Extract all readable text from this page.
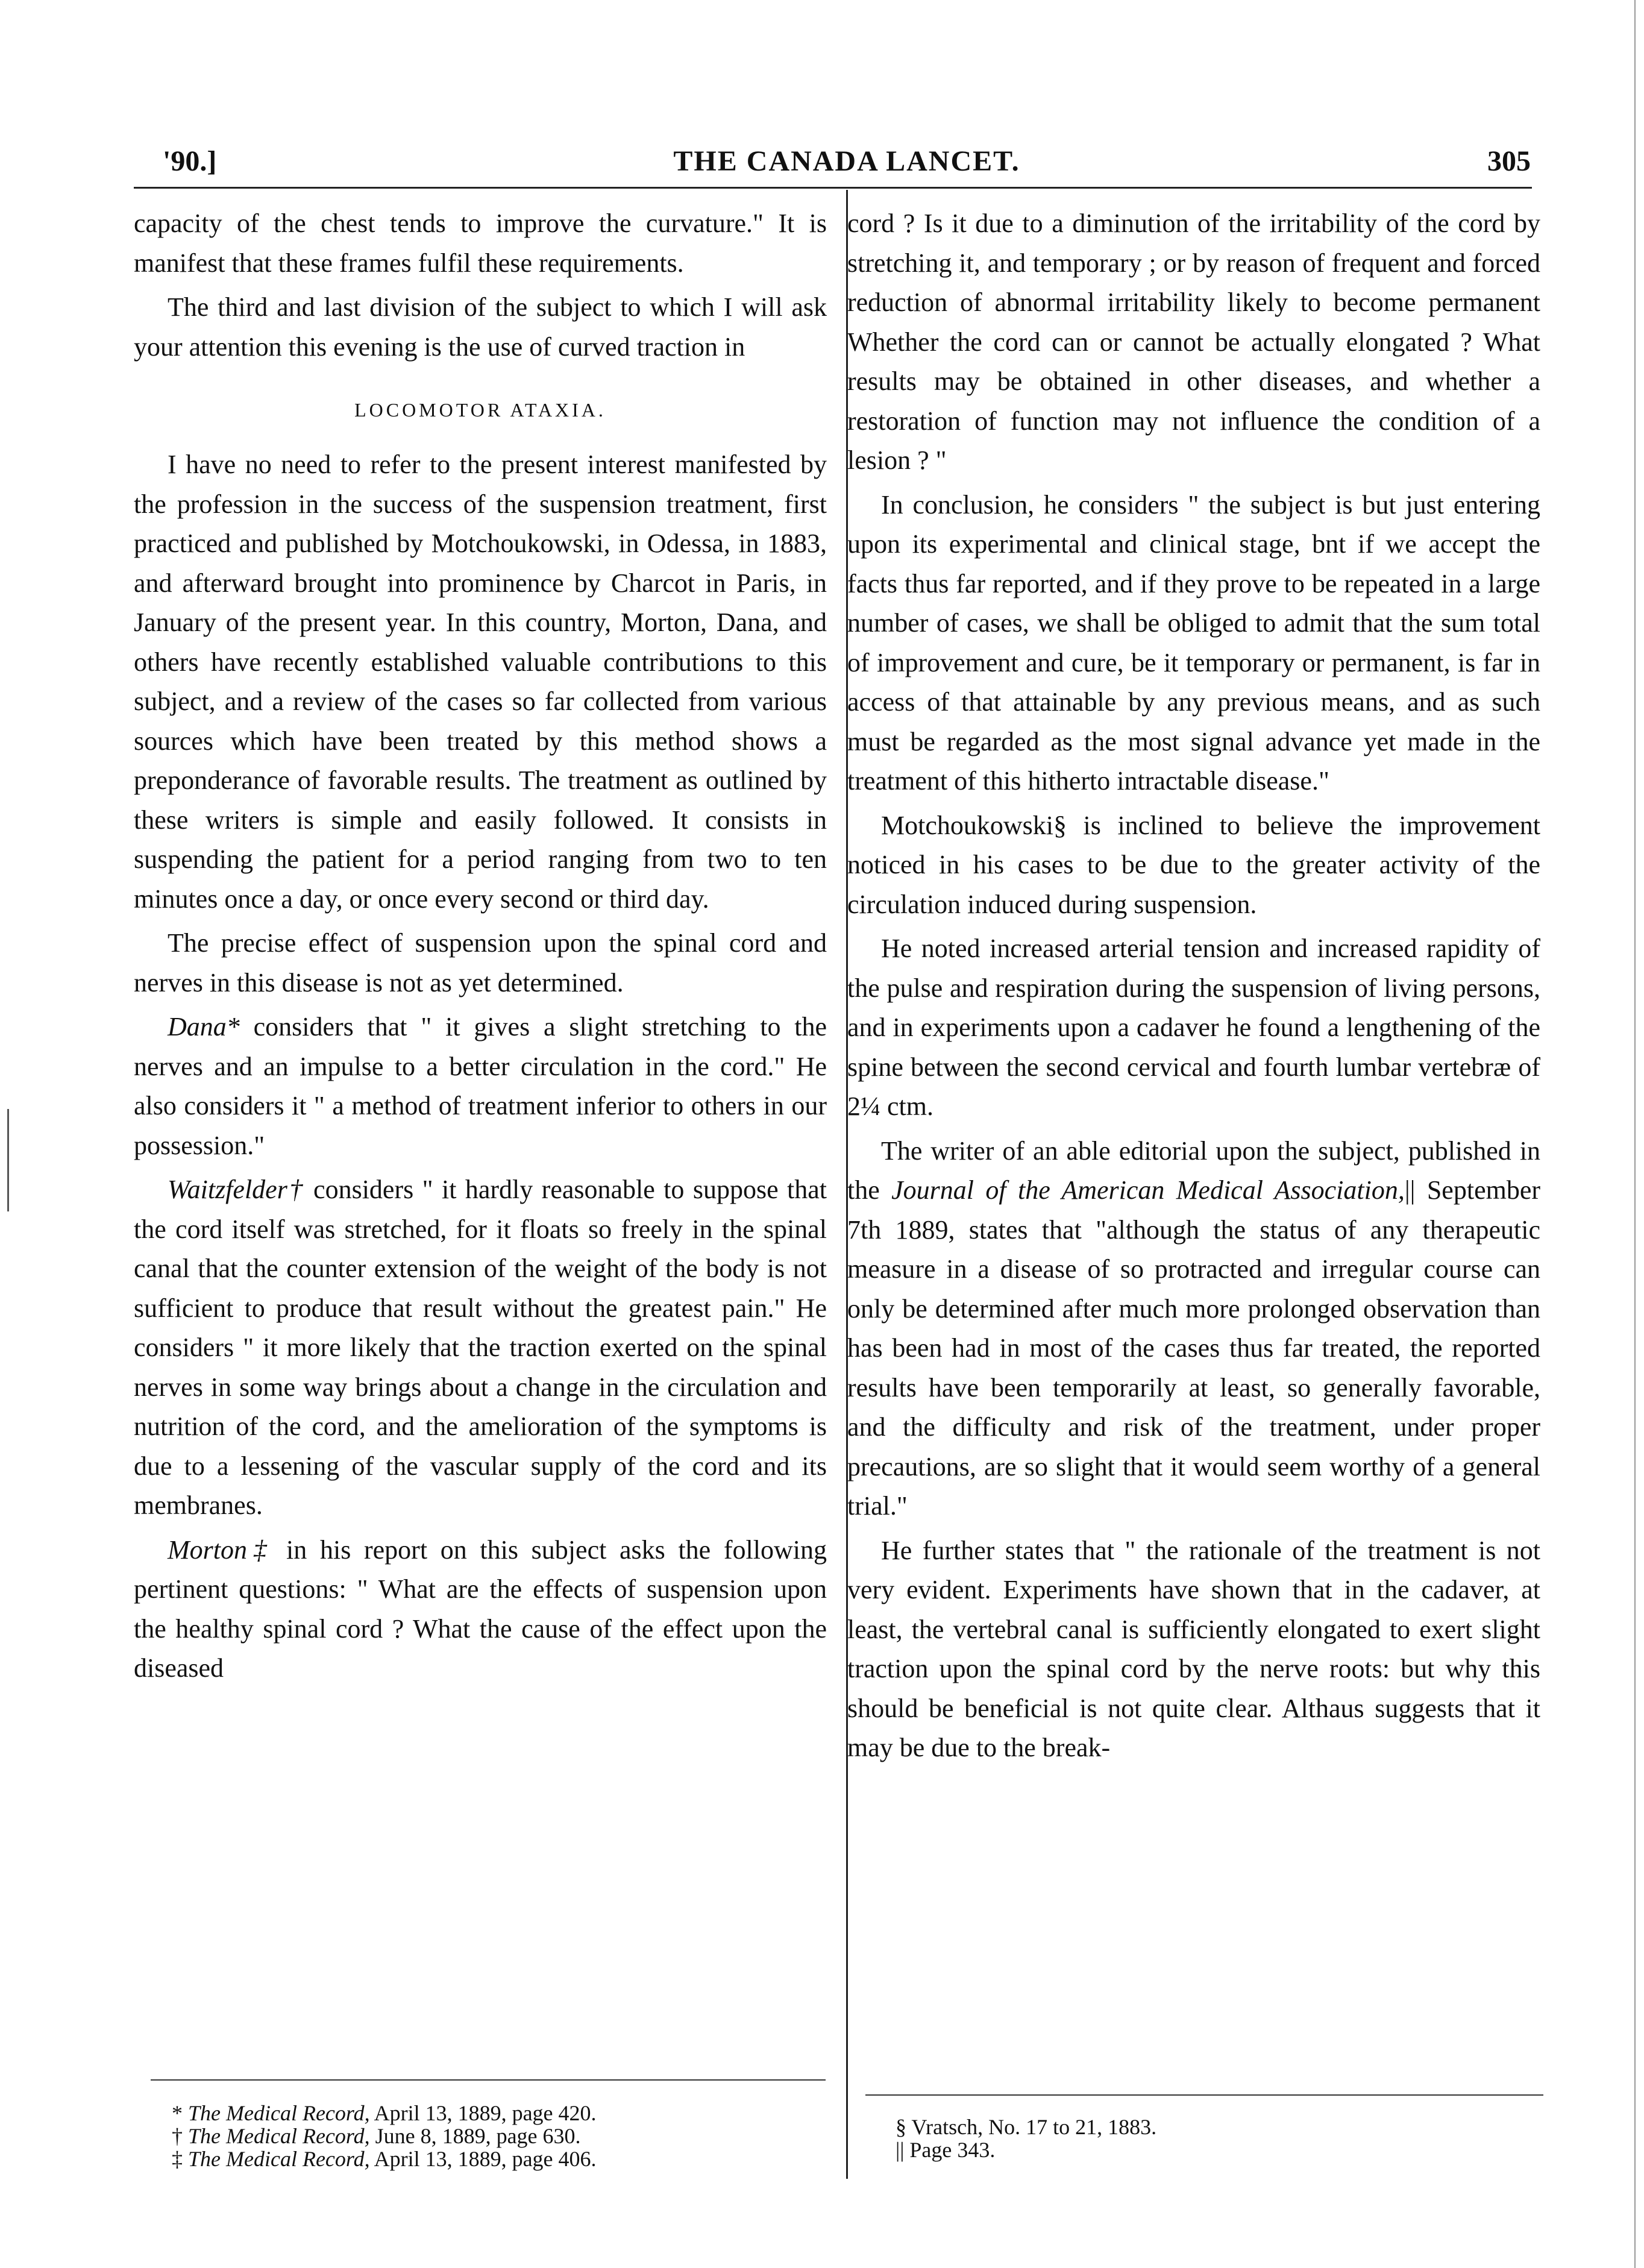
'90.]	THE CANADA LANCET.	305

capacity of the chest tends to improve the curvature." It is manifest that these frames fulfil these requirements.

The third and last division of the subject to which I will ask your attention this evening is the use of curved traction in

LOCOMOTOR ATAXIA.

I have no need to refer to the present interest manifested by the profession in the success of the suspension treatment, first practiced and published by Motchoukowski, in Odessa, in 1883, and afterward brought into prominence by Charcot in Paris, in January of the present year. In this country, Morton, Dana, and others have recently established valuable contributions to this subject, and a review of the cases so far collected from various sources which have been treated by this method shows a preponderance of favorable results. The treatment as outlined by these writers is simple and easily followed. It consists in suspending the patient for a period ranging from two to ten minutes once a day, or once every second or third day.

The precise effect of suspension upon the spinal cord and nerves in this disease is not as yet determined.

Dana* considers that " it gives a slight stretching to the nerves and an impulse to a better circulation in the cord." He also considers it " a method of treatment inferior to others in our possession."

Waitzfelder† considers " it hardly reasonable to suppose that the cord itself was stretched, for it floats so freely in the spinal canal that the counter extension of the weight of the body is not sufficient to produce that result without the greatest pain." He considers " it more likely that the traction exerted on the spinal nerves in some way brings about a change in the circulation and nutrition of the cord, and the amelioration of the symptoms is due to a lessening of the vascular supply of the cord and its membranes.

Morton‡ in his report on this subject asks the following pertinent questions: " What are the effects of suspension upon the healthy spinal cord ? What the cause of the effect upon the diseased

cord ? Is it due to a diminution of the irritability of the cord by stretching it, and temporary ; or by reason of frequent and forced reduction of abnormal irritability likely to become permanent Whether the cord can or cannot be actually elongated ? What results may be obtained in other diseases, and whether a restoration of function may not influence the condition of a lesion ? "

In conclusion, he considers " the subject is but just entering upon its experimental and clinical stage, bnt if we accept the facts thus far reported, and if they prove to be repeated in a large number of cases, we shall be obliged to admit that the sum total of improvement and cure, be it temporary or permanent, is far in access of that attainable by any previous means, and as such must be regarded as the most signal advance yet made in the treatment of this hitherto intractable disease."

Motchoukowski§ is inclined to believe the improvement noticed in his cases to be due to the greater activity of the circulation induced during suspension.

He noted increased arterial tension and increased rapidity of the pulse and respiration during the suspension of living persons, and in experiments upon a cadaver he found a lengthening of the spine between the second cervical and fourth lumbar vertebræ of 2¼ ctm.

The writer of an able editorial upon the subject, published in the Journal of the American Medical Association,|| September 7th 1889, states that "although the status of any therapeutic measure in a disease of so protracted and irregular course can only be determined after much more prolonged observation than has been had in most of the cases thus far treated, the reported results have been temporarily at least, so generally favorable, and the difficulty and risk of the treatment, under proper precautions, are so slight that it would seem worthy of a general trial."

He further states that " the rationale of the treatment is not very evident. Experiments have shown that in the cadaver, at least, the vertebral canal is sufficiently elongated to exert slight traction upon the spinal cord by the nerve roots: but why this should be beneficial is not quite clear. Althaus suggests that it may be due to the break-

* The Medical Record, April 13, 1889, page 420.
† The Medical Record, June 8, 1889, page 630.
‡ The Medical Record, April 13, 1889, page 406.
§ Vratsch, No. 17 to 21, 1883.
|| Page 343.
